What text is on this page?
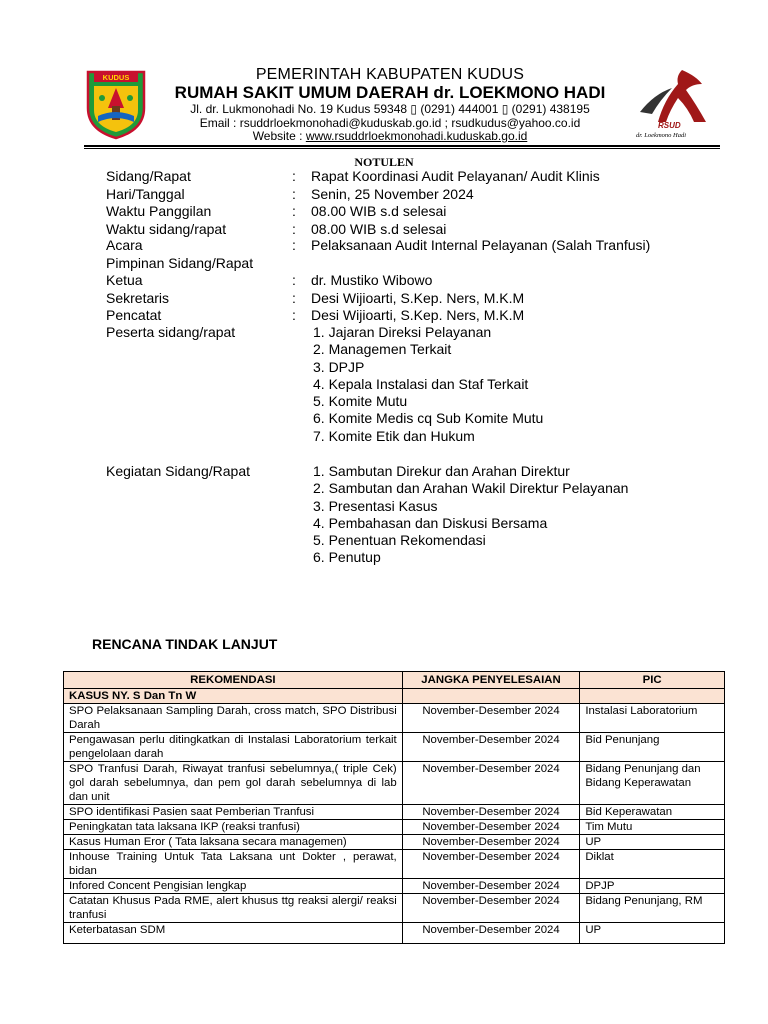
KUDUS
RSUD
dr. Loekmono Hadi
PEMERINTAH KABUPATEN KUDUS
RUMAH SAKIT UMUM DAERAH dr. LOEKMONO HADI
Jl. dr. Lukmonohadi No. 19 Kudus 59348 ▯ (0291) 444001 ▯ (0291) 438195
Email : rsuddrloekmonohadi@kuduskab.go.id ; rsudkudus@yahoo.co.id
Website : www.rsuddrloekmonohadi.kuduskab.go.id
NOTULEN
Sidang/Rapat	: Rapat Koordinasi Audit Pelayanan/ Audit Klinis
Hari/Tanggal	: Senin, 25 November 2024
Waktu Panggilan	: 08.00 WIB s.d selesai
Waktu sidang/rapat	: 08.00 WIB s.d selesai
Acara	: Pelaksanaan Audit Internal Pelayanan (Salah Tranfusi)
Pimpinan Sidang/Rapat
Ketua	: dr. Mustiko Wibowo
Sekretaris	: Desi Wijioarti, S.Kep. Ners, M.K.M
Pencatat	: Desi Wijioarti, S.Kep. Ners, M.K.M
Peserta sidang/rapat	1. Jajaran Direksi Pelayanan
2. Managemen Terkait
3. DPJP
4. Kepala Instalasi dan Staf Terkait
5. Komite Mutu
6. Komite Medis cq Sub Komite Mutu
7. Komite Etik dan Hukum
Kegiatan Sidang/Rapat	1. Sambutan Direkur dan Arahan Direktur
2. Sambutan dan Arahan Wakil Direktur Pelayanan
3. Presentasi Kasus
4. Pembahasan dan Diskusi Bersama
5. Penentuan Rekomendasi
6. Penutup
RENCANA TINDAK LANJUT
REKOMENDASI	JANGKA PENYELESAIAN	PIC
KASUS NY. S Dan Tn W		
SPO Pelaksanaan Sampling Darah, cross match, SPO Distribusi Darah	November-Desember 2024	Instalasi Laboratorium
Pengawasan perlu ditingkatkan di Instalasi Laboratorium terkait pengelolaan darah	November-Desember 2024	Bid Penunjang
SPO Tranfusi Darah, Riwayat tranfusi sebelumnya,( triple Cek) gol darah sebelumnya, dan pem gol darah sebelumnya di lab dan unit	November-Desember 2024	Bidang Penunjang dan Bidang Keperawatan
SPO identifikasi Pasien saat Pemberian Tranfusi	November-Desember 2024	Bid Keperawatan
Peningkatan tata laksana IKP (reaksi tranfusi)	November-Desember 2024	Tim Mutu
Kasus Human Eror ( Tata laksana secara managemen)	November-Desember 2024	UP
Inhouse Training Untuk Tata Laksana unt Dokter , perawat, bidan	November-Desember 2024	Diklat
Infored Concent Pengisian lengkap	November-Desember 2024	DPJP
Catatan Khusus Pada RME, alert khusus ttg reaksi alergi/ reaksi tranfusi	November-Desember 2024	Bidang Penunjang, RM
Keterbatasan SDM	November-Desember 2024	UP
